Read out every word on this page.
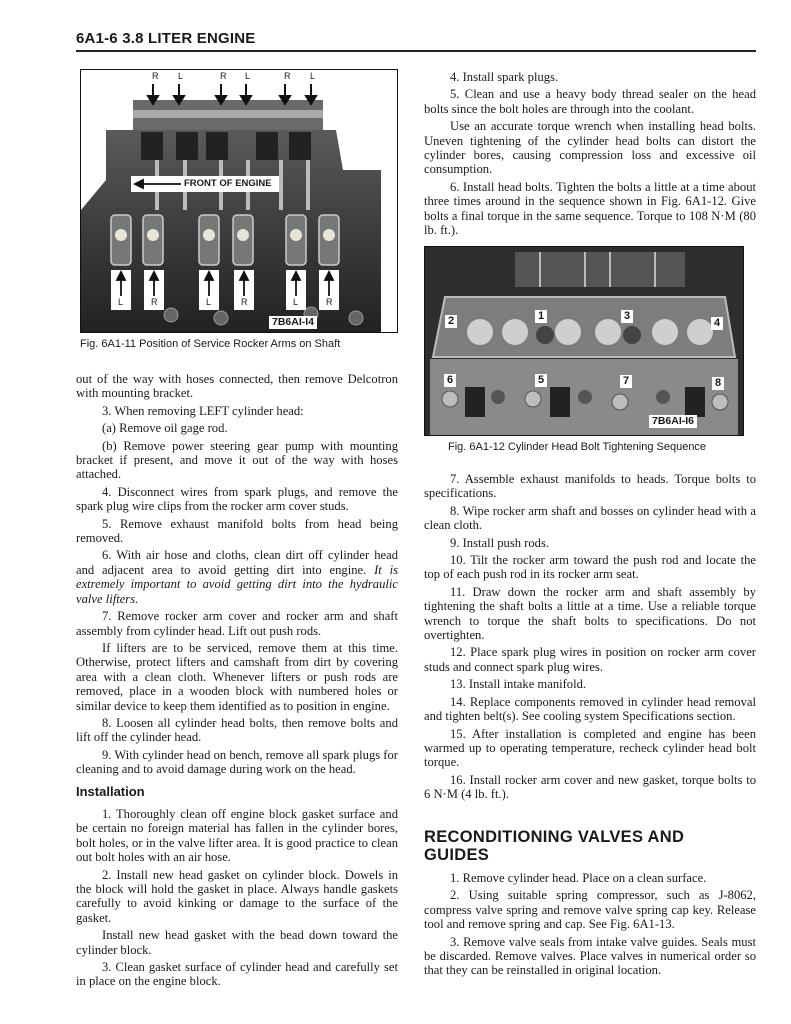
6A1-6 3.8 LITER ENGINE
R	L	R	L	R	L
FRONT OF ENGINE
L	R	L	R	L	R
7B6AI-I4
Fig. 6A1-11 Position of Service Rocker Arms on Shaft

out of the way with hoses connected, then remove Delcotron with mounting bracket.

3. When removing LEFT cylinder head:

(a) Remove oil gage rod.

(b) Remove power steering gear pump with mounting bracket if present, and move it out of the way with hoses attached.

4. Disconnect wires from spark plugs, and remove the spark plug wire clips from the rocker arm cover studs.

5. Remove exhaust manifold bolts from head being removed.

6. With air hose and cloths, clean dirt off cylinder head and adjacent area to avoid getting dirt into engine. It is extremely important to avoid getting dirt into the hydraulic valve lifters.

7. Remove rocker arm cover and rocker arm and shaft assembly from cylinder head. Lift out push rods.

If lifters are to be serviced, remove them at this time. Otherwise, protect lifters and camshaft from dirt by covering area with a clean cloth. Whenever lifters or push rods are removed, place in a wooden block with numbered holes or similar device to keep them identified as to position in engine.

8. Loosen all cylinder head bolts, then remove bolts and lift off the cylinder head.

9. With cylinder head on bench, remove all spark plugs for cleaning and to avoid damage during work on the head.

Installation

1. Thoroughly clean off engine block gasket surface and be certain no foreign material has fallen in the cylinder bores, bolt holes, or in the valve lifter area. It is good practice to clean out bolt holes with an air hose.

2. Install new head gasket on cylinder block. Dowels in the block will hold the gasket in place. Always handle gaskets carefully to avoid kinking or damage to the surface of the gasket.

Install new head gasket with the bead down toward the cylinder block.

3. Clean gasket surface of cylinder head and carefully set in place on the engine block.

4. Install spark plugs.

5. Clean and use a heavy body thread sealer on the head bolts since the bolt holes are through into the coolant.

Use an accurate torque wrench when installing head bolts. Uneven tightening of the cylinder head bolts can distort the cylinder bores, causing compression loss and excessive oil consumption.

6. Install head bolts. Tighten the bolts a little at a time about three times around in the sequence shown in Fig. 6A1-12. Give bolts a final torque in the same sequence. Torque to 108 N·M (80 lb. ft.).

1
2	3
4
5
6	7	8
7B6AI-I6
Fig. 6A1-12 Cylinder Head Bolt Tightening Sequence

7. Assemble exhaust manifolds to heads. Torque bolts to specifications.

8. Wipe rocker arm shaft and bosses on cylinder head with a clean cloth.

9. Install push rods.

10. Tilt the rocker arm toward the push rod and locate the top of each push rod in its rocker arm seat.

11. Draw down the rocker arm and shaft assembly by tightening the shaft bolts a little at a time. Use a reliable torque wrench to torque the shaft bolts to specifications. Do not overtighten.

12. Place spark plug wires in position on rocker arm cover studs and connect spark plug wires.

13. Install intake manifold.

14. Replace components removed in cylinder head removal and tighten belt(s). See cooling system Specifications section.

15. After installation is completed and engine has been warmed up to operating temperature, recheck cylinder head bolt torque.

16. Install rocker arm cover and new gasket, torque bolts to 6 N·M (4 lb. ft.).

RECONDITIONING VALVES AND GUIDES

1. Remove cylinder head. Place on a clean surface.

2. Using suitable spring compressor, such as J-8062, compress valve spring and remove valve spring cap key. Release tool and remove spring and cap. See Fig. 6A1-13.

3. Remove valve seals from intake valve guides. Seals must be discarded. Remove valves. Place valves in numerical order so that they can be reinstalled in original location.
